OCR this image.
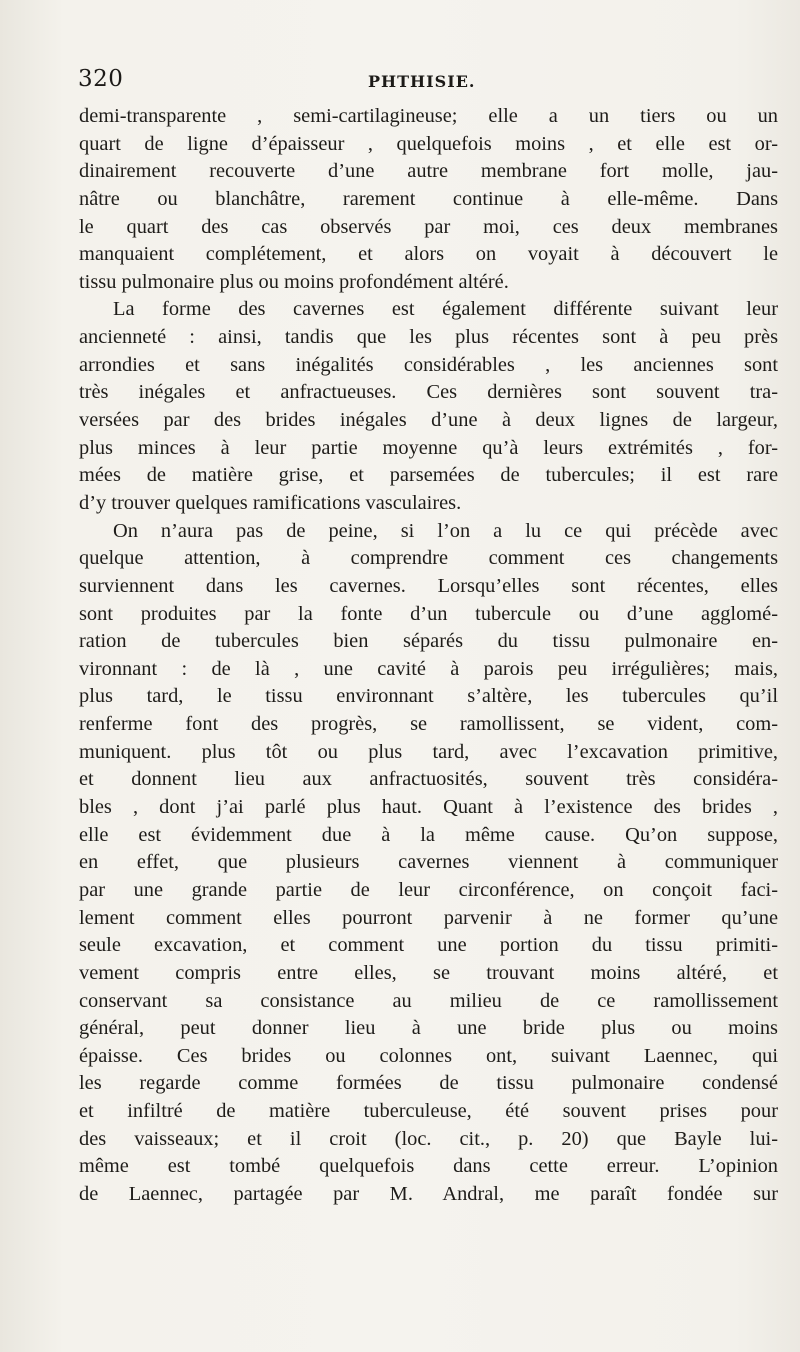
320	PHTHISIE.
demi-transparente , semi-cartilagineuse; elle a un tiers ou un
quart de ligne d’épaisseur , quelquefois moins , et elle est or-
dinairement recouverte d’une autre membrane fort molle, jau-
nâtre ou blanchâtre, rarement continue à elle-même. Dans
le quart des cas observés par moi, ces deux membranes
manquaient complétement, et alors on voyait à découvert le
tissu pulmonaire plus ou moins profondément altéré.
La forme des cavernes est également différente suivant leur
ancienneté : ainsi, tandis que les plus récentes sont à peu près
arrondies et sans inégalités considérables , les anciennes sont
très inégales et anfractueuses. Ces dernières sont souvent tra-
versées par des brides inégales d’une à deux lignes de largeur,
plus minces à leur partie moyenne qu’à leurs extrémités , for-
mées de matière grise, et parsemées de tubercules; il est rare
d’y trouver quelques ramifications vasculaires.
On n’aura pas de peine, si l’on a lu ce qui précède avec
quelque attention, à comprendre comment ces changements
surviennent dans les cavernes. Lorsqu’elles sont récentes, elles
sont produites par la fonte d’un tubercule ou d’une agglomé-
ration de tubercules bien séparés du tissu pulmonaire en-
vironnant : de là , une cavité à parois peu irrégulières; mais,
plus tard, le tissu environnant s’altère, les tubercules qu’il
renferme font des progrès, se ramollissent, se vident, com-
muniquent. plus tôt ou plus tard, avec l’excavation primitive,
et donnent lieu aux anfractuosités, souvent très considéra-
bles , dont j’ai parlé plus haut. Quant à l’existence des brides ,
elle est évidemment due à la même cause. Qu’on suppose,
en effet, que plusieurs cavernes viennent à communiquer
par une grande partie de leur circonférence, on conçoit faci-
lement comment elles pourront parvenir à ne former qu’une
seule excavation, et comment une portion du tissu primiti-
vement compris entre elles, se trouvant moins altéré, et
conservant sa consistance au milieu de ce ramollissement
général, peut donner lieu à une bride plus ou moins
épaisse. Ces brides ou colonnes ont, suivant Laennec, qui
les regarde comme formées de tissu pulmonaire condensé
et infiltré de matière tuberculeuse, été souvent prises pour
des vaisseaux; et il croit (loc. cit., p. 20) que Bayle lui-
même est tombé quelquefois dans cette erreur. L’opinion
de Laennec, partagée par M. Andral, me paraît fondée sur
